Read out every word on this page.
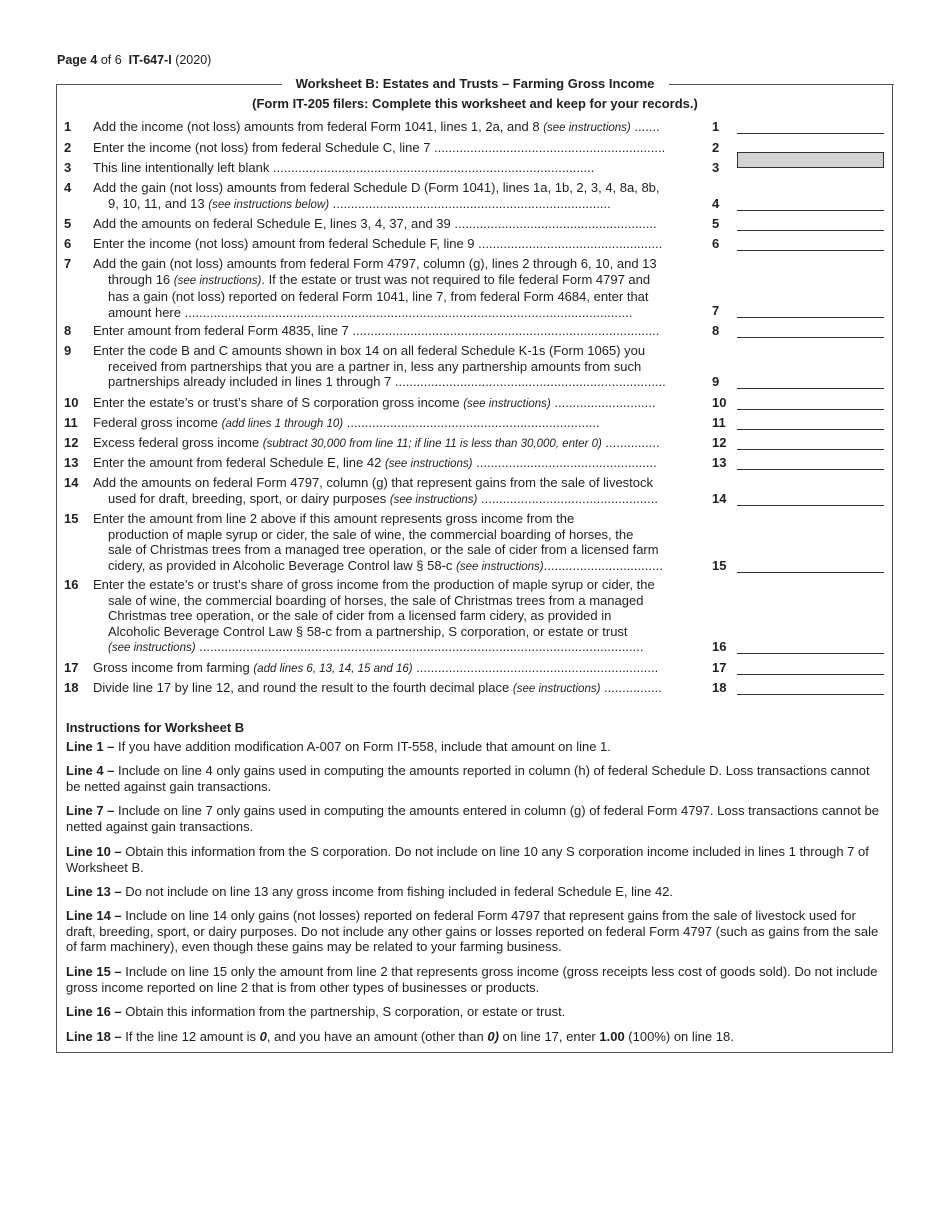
Page 4 of 6 IT-647-I (2020)
Worksheet B: Estates and Trusts – Farming Gross Income
(Form IT-205 filers: Complete this worksheet and keep for your records.)
1	Add the income (not loss) amounts from federal Form 1041, lines 1, 2a, and 8 (see instructions) .......	1
2	Enter the income (not loss) from federal Schedule C, line 7 ................................................................	2
3	This line intentionally left blank .........................................................................................	3
4	Add the gain (not loss) amounts from federal Schedule D (Form 1041), lines 1a, 1b, 2, 3, 4, 8a, 8b,
9, 10, 11, and 13 (see instructions below) .............................................................................	4
5	Add the amounts on federal Schedule E, lines 3, 4, 37, and 39 ........................................................	5
6	Enter the income (not loss) amount from federal Schedule F, line 9 ...................................................	6
7	Add the gain (not loss) amounts from federal Form 4797, column (g), lines 2 through 6, 10, and 13
through 16 (see instructions). If the estate or trust was not required to file federal Form 4797 and
has a gain (not loss) reported on federal Form 1041, line 7, from federal Form 4684, enter that
amount here ............................................................................................................................	7
8	Enter amount from federal Form 4835, line 7 .....................................................................................	8
9	Enter the code B and C amounts shown in box 14 on all federal Schedule K-1s (Form 1065) you
received from partnerships that you are a partner in, less any partnership amounts from such
partnerships already included in lines 1 through 7 ...........................................................................	9
10	Enter the estate’s or trust’s share of S corporation gross income (see instructions) ............................	10
11	Federal gross income (add lines 1 through 10) ......................................................................	11
12	Excess federal gross income (subtract 30,000 from line 11; if line 11 is less than 30,000, enter 0) ...............	12
13	Enter the amount from federal Schedule E, line 42 (see instructions) ..................................................	13
14	Add the amounts on federal Form 4797, column (g) that represent gains from the sale of livestock
used for draft, breeding, sport, or dairy purposes (see instructions) .................................................	14
15	Enter the amount from line 2 above if this amount represents gross income from the
production of maple syrup or cider, the sale of wine, the commercial boarding of horses, the
sale of Christmas trees from a managed tree operation, or the sale of cider from a licensed farm
cidery, as provided in Alcoholic Beverage Control law § 58-c (see instructions).................................	15
16	Enter the estate’s or trust’s share of gross income from the production of maple syrup or cider, the
sale of wine, the commercial boarding of horses, the sale of Christmas trees from a managed
Christmas tree operation, or the sale of cider from a licensed farm cidery, as provided in
Alcoholic Beverage Control Law § 58-c from a partnership, S corporation, or estate or trust
(see instructions) ...........................................................................................................................	16
17	Gross income from farming (add lines 6, 13, 14, 15 and 16) ...................................................................	17
18	Divide line 17 by line 12, and round the result to the fourth decimal place (see instructions) ................	18
Instructions for Worksheet B
Line 1 – If you have addition modification A-007 on Form IT-558, include that amount on line 1.
Line 4 – Include on line 4 only gains used in computing the amounts reported in column (h) of federal Schedule D. Loss transactions cannot be netted against gain transactions.
Line 7 – Include on line 7 only gains used in computing the amounts entered in column (g) of federal Form 4797. Loss transactions cannot be netted against gain transactions.
Line 10 – Obtain this information from the S corporation. Do not include on line 10 any S corporation income included in lines 1 through 7 of Worksheet B.
Line 13 – Do not include on line 13 any gross income from fishing included in federal Schedule E, line 42.
Line 14 – Include on line 14 only gains (not losses) reported on federal Form 4797 that represent gains from the sale of livestock used for draft, breeding, sport, or dairy purposes. Do not include any other gains or losses reported on federal Form 4797 (such as gains from the sale of farm machinery), even though these gains may be related to your farming business.
Line 15 – Include on line 15 only the amount from line 2 that represents gross income (gross receipts less cost of goods sold). Do not include gross income reported on line 2 that is from other types of businesses or products.
Line 16 – Obtain this information from the partnership, S corporation, or estate or trust.
Line 18 – If the line 12 amount is 0, and you have an amount (other than 0) on line 17, enter 1.00 (100%) on line 18.
